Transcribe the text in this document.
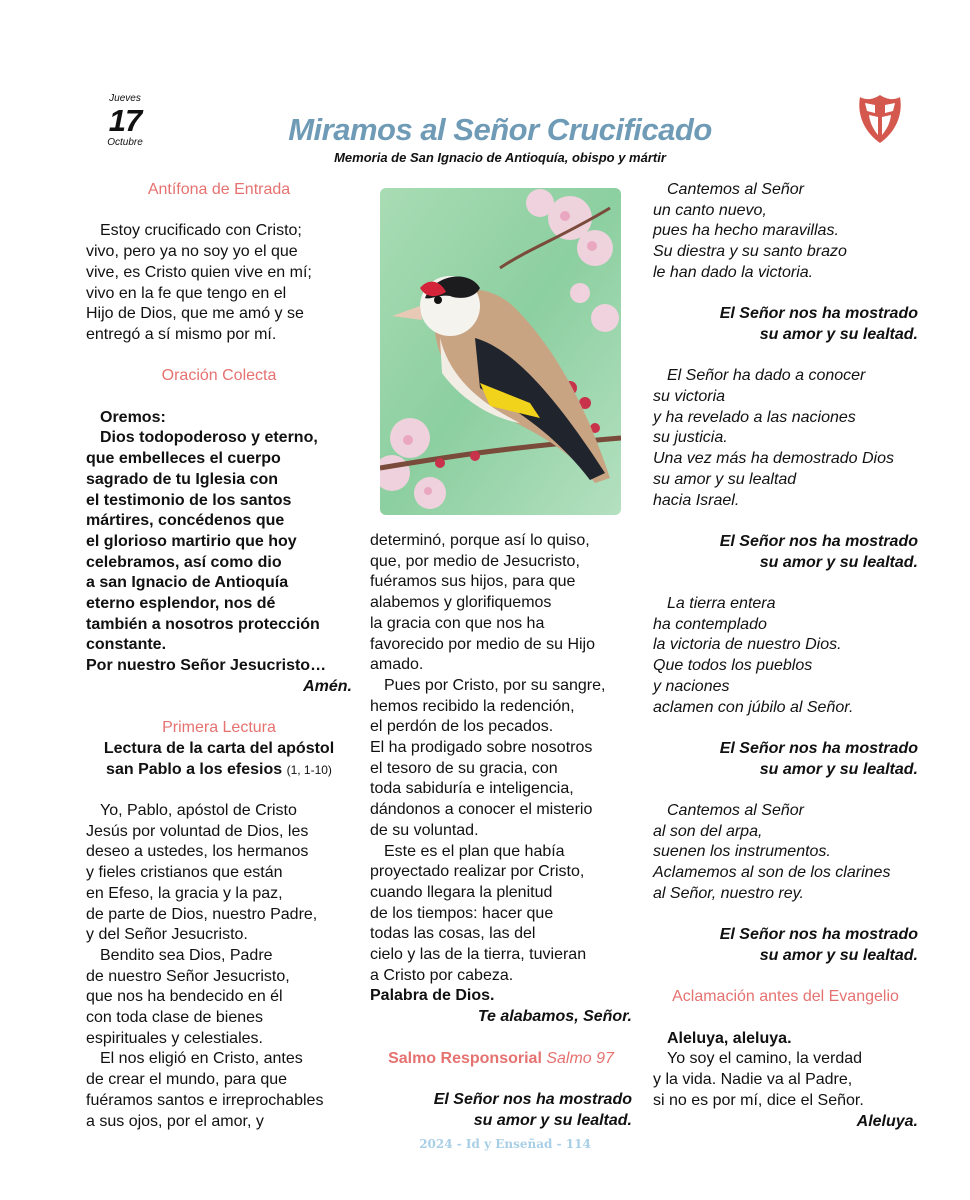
Jueves
17
Octubre	Miramos al Señor Crucificado
Memoria de San Ignacio de Antioquía, obispo y mártir
Antífona de Entrada

Estoy crucificado con Cristo;

vivo, pero ya no soy yo el que

vive, es Cristo quien vive en mí;

vivo en la fe que tengo en el

Hijo de Dios, que me amó y se

entregó a sí mismo por mí.

Oración Colecta

Oremos:

Dios todopoderoso y eterno,

que embelleces el cuerpo

sagrado de tu Iglesia con

el testimonio de los santos

mártires, concédenos que

el glorioso martirio que hoy

celebramos, así como dio

a san Ignacio de Antioquía

eterno esplendor, nos dé

también a nosotros protección

constante.

Por nuestro Señor Jesucristo…

Amén.

Primera Lectura

Lectura de la carta del apóstol

san Pablo a los efesios (1, 1-10)

Yo, Pablo, apóstol de Cristo

Jesús por voluntad de Dios, les

deseo a ustedes, los hermanos

y fieles cristianos que están

en Efeso, la gracia y la paz,

de parte de Dios, nuestro Padre,

y del Señor Jesucristo.

Bendito sea Dios, Padre

de nuestro Señor Jesucristo,

que nos ha bendecido en él

con toda clase de bienes

espirituales y celestiales.

El nos eligió en Cristo, antes

de crear el mundo, para que

fuéramos santos e irreprochables

a sus ojos, por el amor, y

determinó, porque así lo quiso,

que, por medio de Jesucristo,

fuéramos sus hijos, para que

alabemos y glorifiquemos

la gracia con que nos ha

favorecido por medio de su Hijo

amado.

Pues por Cristo, por su sangre,

hemos recibido la redención,

el perdón de los pecados.

El ha prodigado sobre nosotros

el tesoro de su gracia, con

toda sabiduría e inteligencia,

dándonos a conocer el misterio

de su voluntad.

Este es el plan que había

proyectado realizar por Cristo,

cuando llegara la plenitud

de los tiempos: hacer que

todas las cosas, las del

cielo y las de la tierra, tuvieran

a Cristo por cabeza.

Palabra de Dios.

Te alabamos, Señor.

Salmo Responsorial Salmo 97

El Señor nos ha mostrado

su amor y su lealtad.

Cantemos al Señor

un canto nuevo,

pues ha hecho maravillas.

Su diestra y su santo brazo

le han dado la victoria.

El Señor nos ha mostrado

su amor y su lealtad.

El Señor ha dado a conocer

su victoria

y ha revelado a las naciones

su justicia.

Una vez más ha demostrado Dios

su amor y su lealtad

hacia Israel.

El Señor nos ha mostrado

su amor y su lealtad.

La tierra entera

ha contemplado

la victoria de nuestro Dios.

Que todos los pueblos

y naciones

aclamen con júbilo al Señor.

El Señor nos ha mostrado

su amor y su lealtad.

Cantemos al Señor

al son del arpa,

suenen los instrumentos.

Aclamemos al son de los clarines

al Señor, nuestro rey.

El Señor nos ha mostrado

su amor y su lealtad.

Aclamación antes del Evangelio

Aleluya, aleluya.

Yo soy el camino, la verdad

y la vida. Nadie va al Padre,

si no es por mí, dice el Señor.

Aleluya.

2024 - Id y Enseñad - 114
